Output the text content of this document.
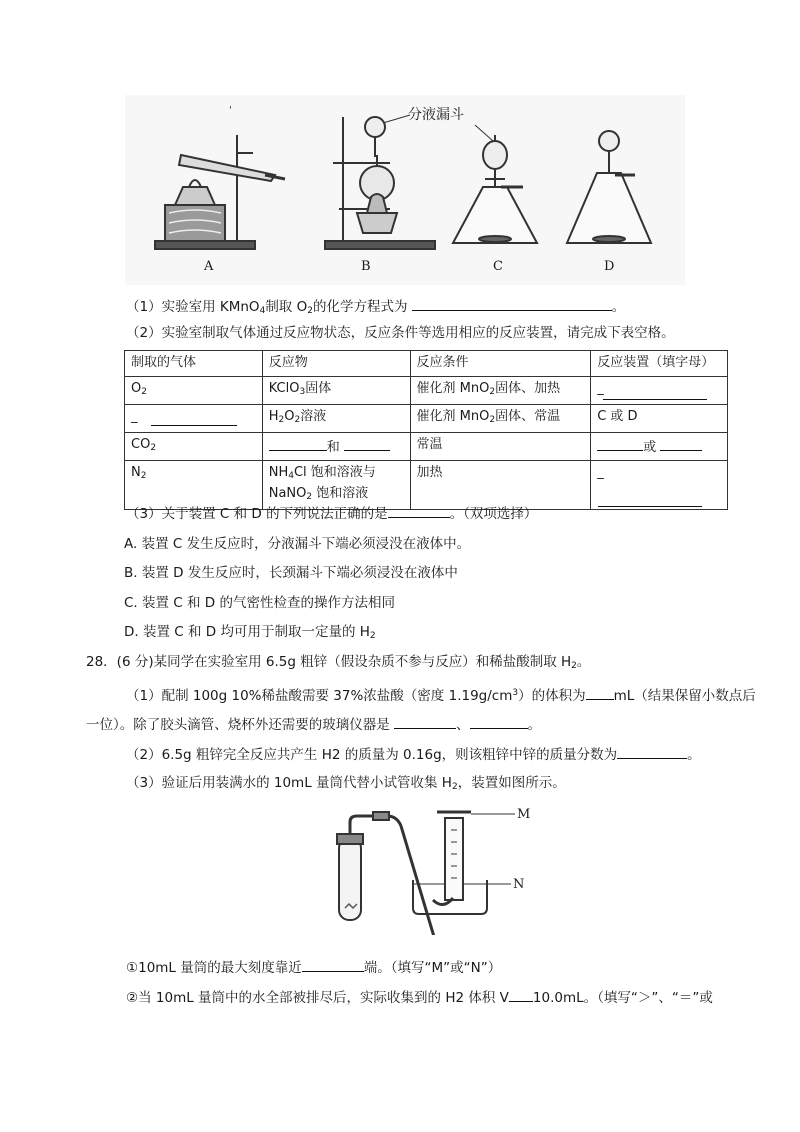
'	分液漏斗
A	B	C	D
（1）实验室用 KMnO4制取 O2的化学方程式为	。
（2）实验室制取气体通过反应物状态，反应条件等选用相应的反应装置，请完成下表空格。
制取的气体	反应物	反应条件	反应装置（填字母）
O2	KClO3固体	催化剂 MnO2固体、加热	_

_	H2O2溶液	催化剂 MnO2固体、常温	C 或 D
CO2	和	常温	或
N2	NH4Cl 饱和溶液与
NaNO2 饱和溶液	加热	_
（3）关于装置 C 和 D 的下列说法正确的是	。（双项选择）
A. 装置 C 发生反应时，分液漏斗下端必须浸没在液体中。
B. 装置 D 发生反应时，长颈漏斗下端必须浸没在液体中
C. 装置 C 和 D 的气密性检查的操作方法相同
D. 装置 C 和 D 均可用于制取一定量的 H2
28．(6 分)某同学在实验室用 6.5g 粗锌（假设杂质不参与反应）和稀盐酸制取 H2。
（1）配制 100g 10%稀盐酸需要 37%浓盐酸（密度 $1.19g/cm^3$）的体积为 mL（结果保留小数点后
一位）。除了胶头滴管、烧杯外还需要的玻璃仪器是	、	。
（2）6.5g 粗锌完全反应共产生 H2 的质量为 0.16g，则该粗锌中锌的质量分数为	。
（3）验证后用装满水的 10mL 量筒代替小试管收集 H2，装置如图所示。
M
N
①10mL 量筒的最大刻度靠近	端。（填写“M”或“N”）
②当 10mL 量筒中的水全部被排尽后，实际收集到的 H2 体积 V 10.0mL。（填写“＞”、“＝”或
